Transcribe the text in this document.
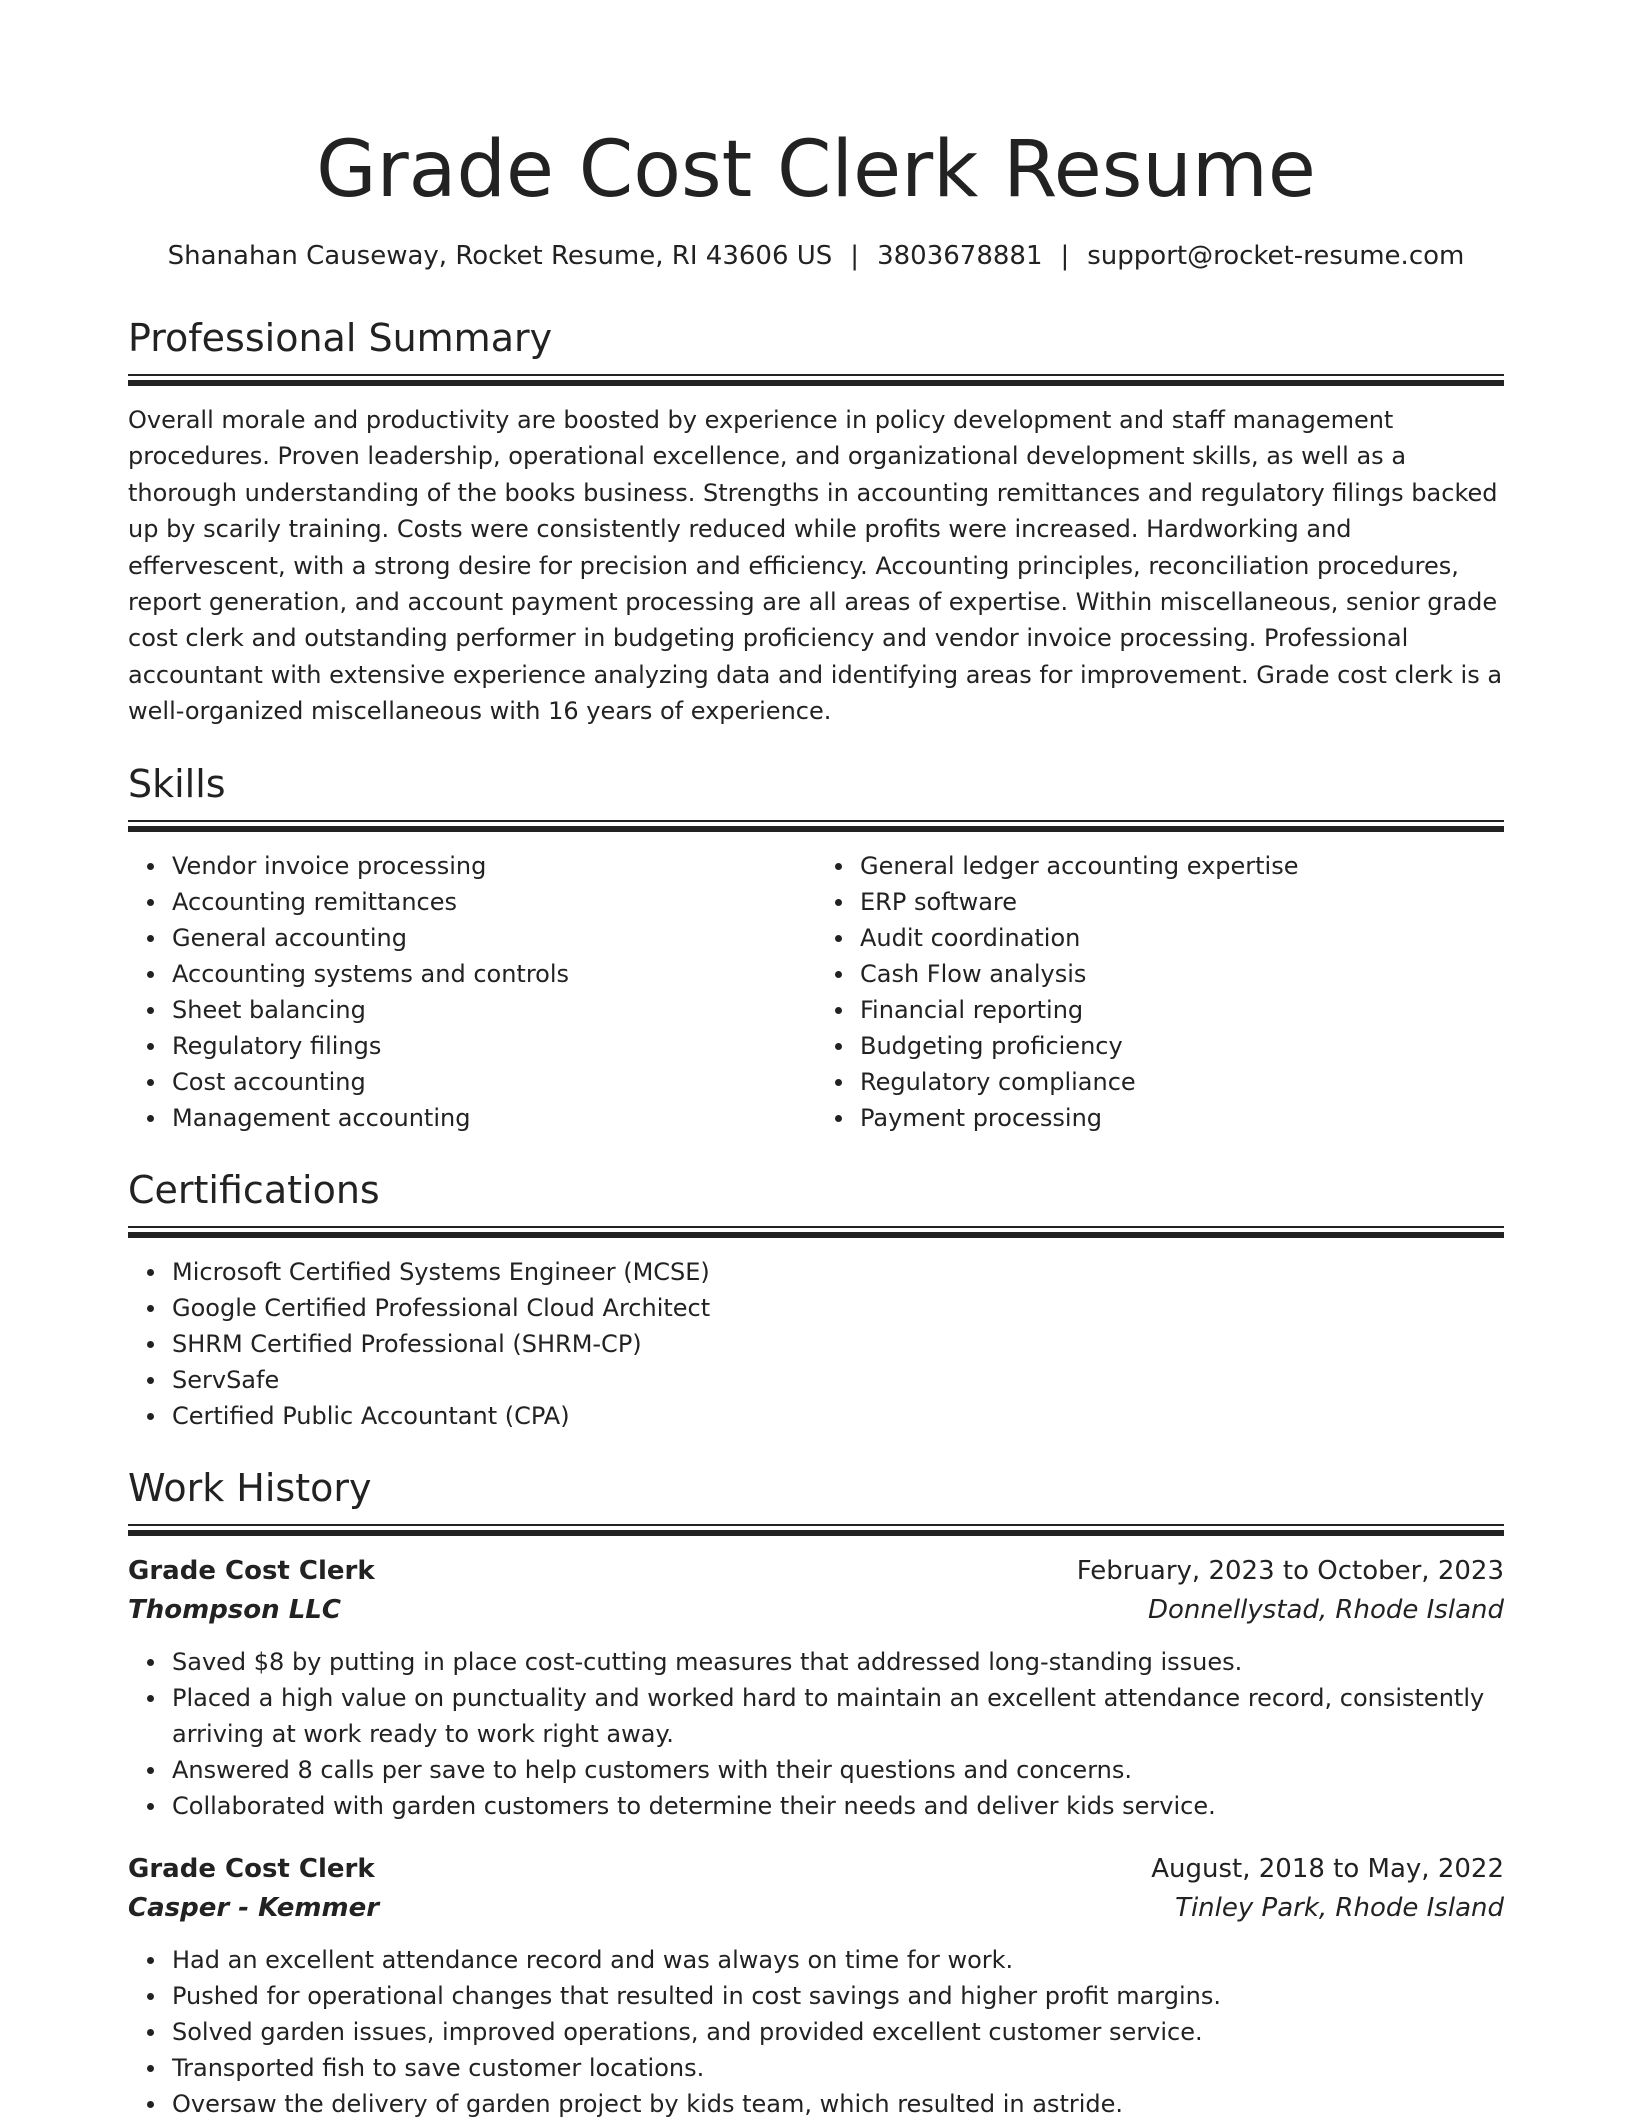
Grade Cost Clerk Resume
Shanahan Causeway, Rocket Resume, RI 43606 US | 3803678881 | support@rocket-resume.com
Professional Summary

Overall morale and productivity are boosted by experience in policy development and staff management procedures. Proven leadership, operational excellence, and organizational development skills, as well as a thorough understanding of the books business. Strengths in accounting remittances and regulatory filings backed up by scarily training. Costs were consistently reduced while profits were increased. Hardworking and effervescent, with a strong desire for precision and efficiency. Accounting principles, reconciliation procedures, report generation, and account payment processing are all areas of expertise. Within miscellaneous, senior grade cost clerk and outstanding performer in budgeting proficiency and vendor invoice processing. Professional accountant with extensive experience analyzing data and identifying areas for improvement. Grade cost clerk is a well-organized miscellaneous with 16 years of experience.

Skills
Vendor invoice processing
Accounting remittances
General accounting
Accounting systems and controls
Sheet balancing
Regulatory filings
Cost accounting
Management accounting
General ledger accounting expertise
ERP software
Audit coordination
Cash Flow analysis
Financial reporting
Budgeting proficiency
Regulatory compliance
Payment processing
Certifications
Microsoft Certified Systems Engineer (MCSE)
Google Certified Professional Cloud Architect
SHRM Certified Professional (SHRM-CP)
ServSafe
Certified Public Accountant (CPA)
Work History
Grade Cost Clerk	February, 2023 to October, 2023
Thompson LLC	Donnellystad, Rhode Island
Saved $8 by putting in place cost-cutting measures that addressed long-standing issues.
Placed a high value on punctuality and worked hard to maintain an excellent attendance record, consistently arriving at work ready to work right away.
Answered 8 calls per save to help customers with their questions and concerns.
Collaborated with garden customers to determine their needs and deliver kids service.
Grade Cost Clerk	August, 2018 to May, 2022
Casper - Kemmer	Tinley Park, Rhode Island
Had an excellent attendance record and was always on time for work.
Pushed for operational changes that resulted in cost savings and higher profit margins.
Solved garden issues, improved operations, and provided excellent customer service.
Transported fish to save customer locations.
Oversaw the delivery of garden project by kids team, which resulted in astride.
